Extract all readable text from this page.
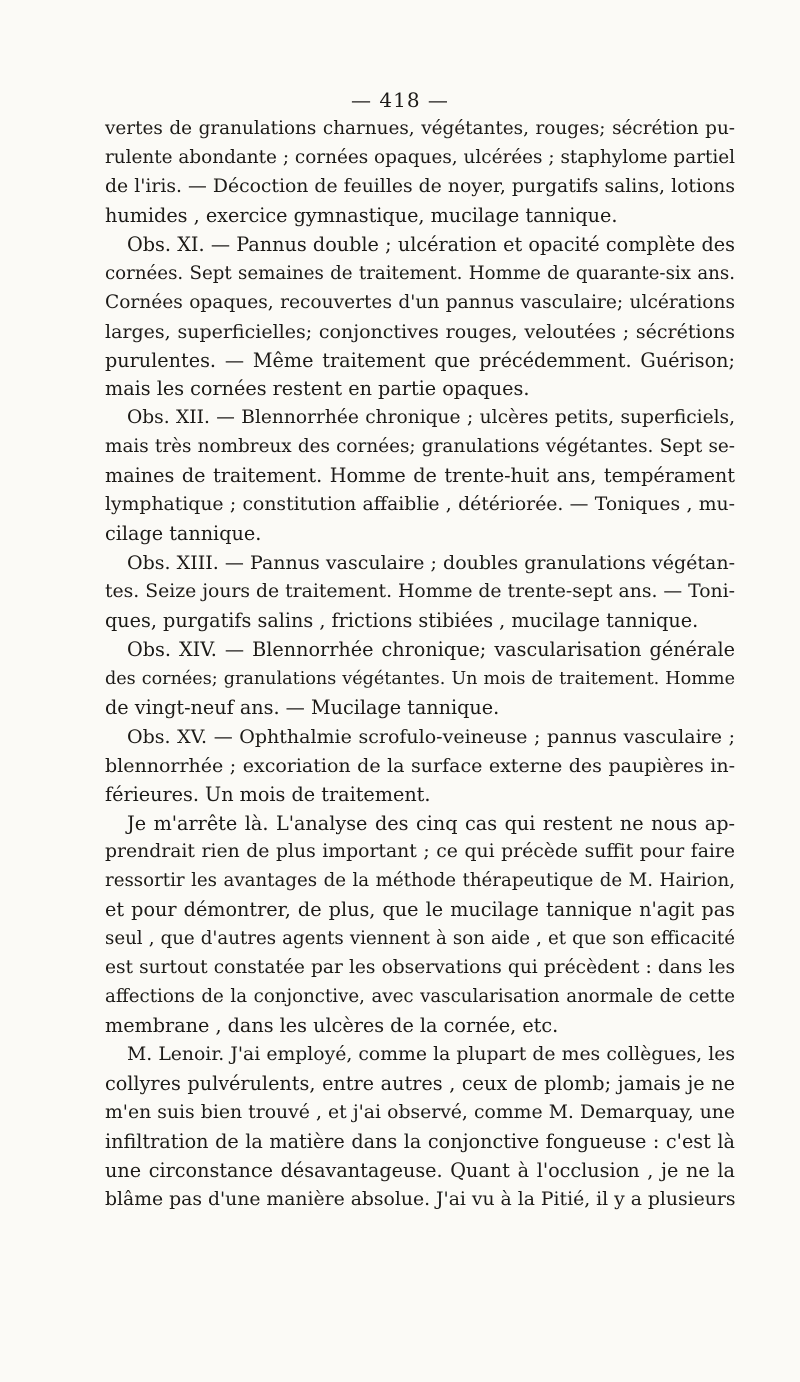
— 418 —
vertes de granulations charnues, végétantes, rouges; sécrétion pu-
rulente abondante ; cornées opaques, ulcérées ; staphylome partiel
de l'iris. — Décoction de feuilles de noyer, purgatifs salins, lotions
humides , exercice gymnastique, mucilage tannique.
Obs. XI. — Pannus double ; ulcération et opacité complète des
cornées. Sept semaines de traitement. Homme de quarante-six ans.
Cornées opaques, recouvertes d'un pannus vasculaire; ulcérations
larges, superficielles; conjonctives rouges, veloutées ; sécrétions
purulentes. — Même traitement que précédemment. Guérison;
mais les cornées restent en partie opaques.
Obs. XII. — Blennorrhée chronique ; ulcères petits, superficiels,
mais très nombreux des cornées; granulations végétantes. Sept se-
maines de traitement. Homme de trente-huit ans, tempérament
lymphatique ; constitution affaiblie , détériorée. — Toniques , mu-
cilage tannique.
Obs. XIII. — Pannus vasculaire ; doubles granulations végétan-
tes. Seize jours de traitement. Homme de trente-sept ans. — Toni-
ques, purgatifs salins , frictions stibiées , mucilage tannique.
Obs. XIV. — Blennorrhée chronique; vascularisation générale
des cornées; granulations végétantes. Un mois de traitement. Homme
de vingt-neuf ans. — Mucilage tannique.
Obs. XV. — Ophthalmie scrofulo-veineuse ; pannus vasculaire ;
blennorrhée ; excoriation de la surface externe des paupières in-
férieures. Un mois de traitement.
Je m'arrête là. L'analyse des cinq cas qui restent ne nous ap-
prendrait rien de plus important ; ce qui précède suffit pour faire
ressortir les avantages de la méthode thérapeutique de M. Hairion,
et pour démontrer, de plus, que le mucilage tannique n'agit pas
seul , que d'autres agents viennent à son aide , et que son efficacité
est surtout constatée par les observations qui précèdent : dans les
affections de la conjonctive, avec vascularisation anormale de cette
membrane , dans les ulcères de la cornée, etc.
M. Lenoir. J'ai employé, comme la plupart de mes collègues, les
collyres pulvérulents, entre autres , ceux de plomb; jamais je ne
m'en suis bien trouvé , et j'ai observé, comme M. Demarquay, une
infiltration de la matière dans la conjonctive fongueuse : c'est là
une circonstance désavantageuse. Quant à l'occlusion , je ne la
blâme pas d'une manière absolue. J'ai vu à la Pitié, il y a plusieurs
